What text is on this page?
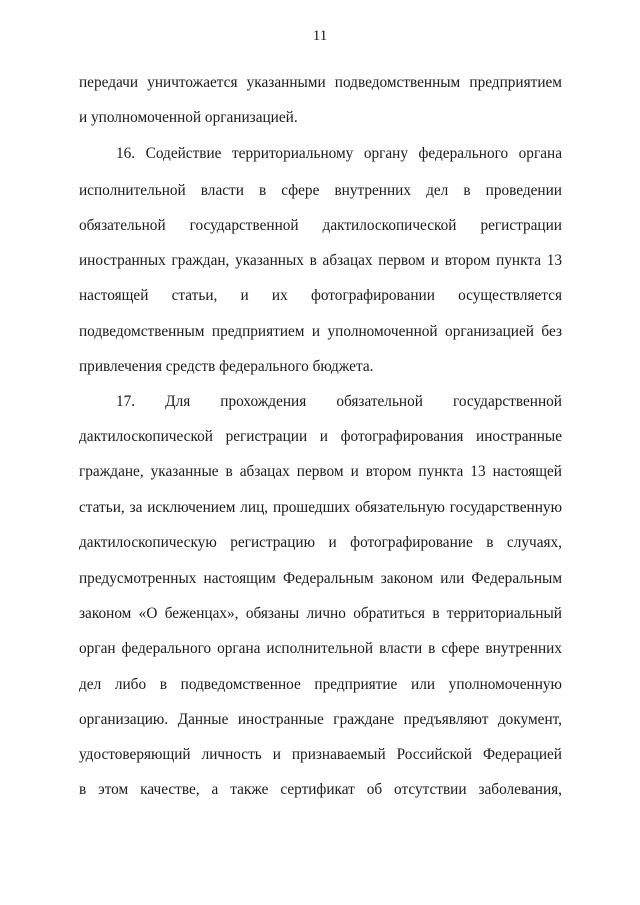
11
передачи уничтожается указанными подведомственным предприятием
и уполномоченной организацией.
16. Содействие территориальному органу федерального органа
исполнительной власти в сфере внутренних дел в проведении
обязательной государственной дактилоскопической регистрации
иностранных граждан, указанных в абзацах первом и втором пункта 13
настоящей статьи, и их фотографировании осуществляется
подведомственным предприятием и уполномоченной организацией без
привлечения средств федерального бюджета.
17. Для прохождения обязательной государственной
дактилоскопической регистрации и фотографирования иностранные
граждане, указанные в абзацах первом и втором пункта 13 настоящей
статьи, за исключением лиц, прошедших обязательную государственную
дактилоскопическую регистрацию и фотографирование в случаях,
предусмотренных настоящим Федеральным законом или Федеральным
законом «О беженцах», обязаны лично обратиться в территориальный
орган федерального органа исполнительной власти в сфере внутренних
дел либо в подведомственное предприятие или уполномоченную
организацию. Данные иностранные граждане предъявляют документ,
удостоверяющий личность и признаваемый Российской Федерацией
в этом качестве, а также сертификат об отсутствии заболевания,
